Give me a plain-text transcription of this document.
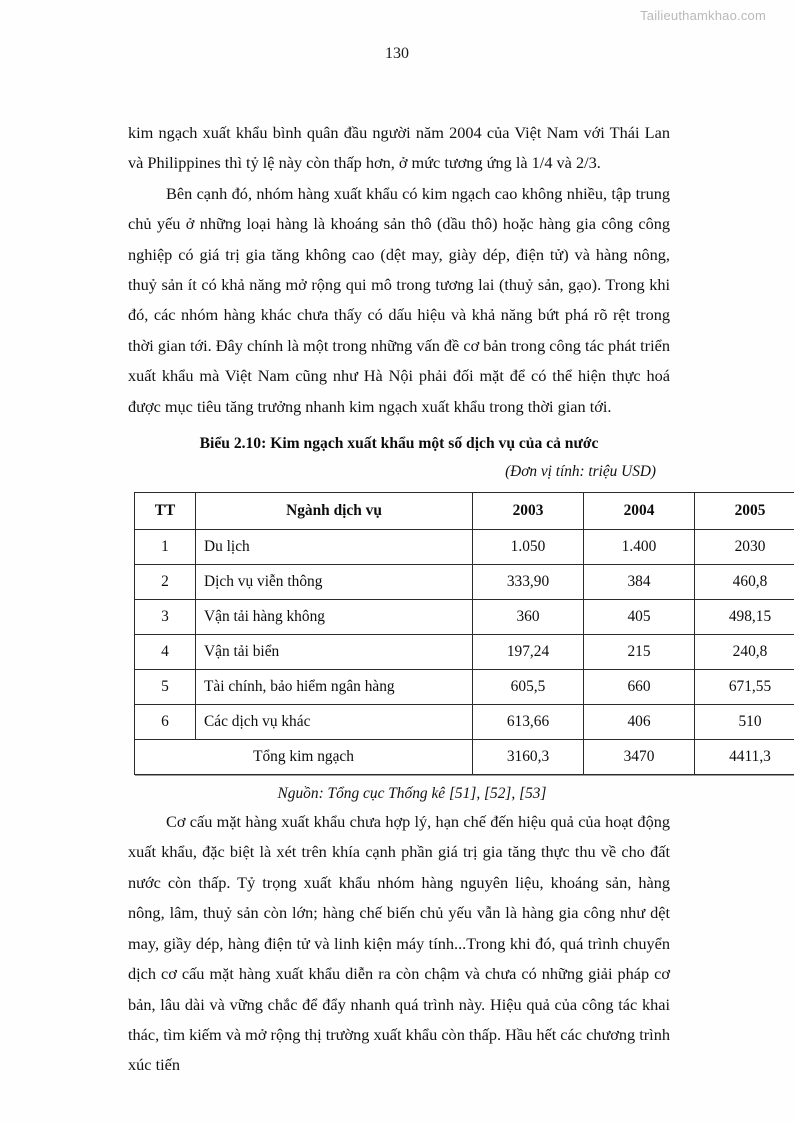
Tailieuthamkhao.com
130

kim ngạch xuất khẩu bình quân đầu người năm 2004 của Việt Nam với Thái Lan và Philippines thì tỷ lệ này còn thấp hơn, ở mức tương ứng là 1/4 và 2/3.

Bên cạnh đó, nhóm hàng xuất khẩu có kim ngạch cao không nhiều, tập trung chủ yếu ở những loại hàng là khoáng sản thô (dầu thô) hoặc hàng gia công công nghiệp có giá trị gia tăng không cao (dệt may, giày dép, điện tử) và hàng nông, thuỷ sản ít có khả năng mở rộng qui mô trong tương lai (thuỷ sản, gạo). Trong khi đó, các nhóm hàng khác chưa thấy có dấu hiệu và khả năng bứt phá rõ rệt trong thời gian tới. Đây chính là một trong những vấn đề cơ bản trong công tác phát triển xuất khẩu mà Việt Nam cũng như Hà Nội phải đối mặt để có thể hiện thực hoá được mục tiêu tăng trưởng nhanh kim ngạch xuất khẩu trong thời gian tới.

Biểu 2.10: Kim ngạch xuất khẩu một số dịch vụ của cả nước

(Đơn vị tính: triệu USD)

TT	Ngành dịch vụ	2003	2004	2005
1	Du lịch	1.050	1.400	2030
2	Dịch vụ viễn thông	333,90	384	460,8
3	Vận tải hàng không	360	405	498,15
4	Vận tải biển	197,24	215	240,8
5	Tài chính, bảo hiểm ngân hàng	605,5	660	671,55
6	Các dịch vụ khác	613,66	406	510
Tổng kim ngạch		3160,3	3470	4411,3

Nguồn: Tổng cục Thống kê [51], [52], [53]

Cơ cấu mặt hàng xuất khẩu chưa hợp lý, hạn chế đến hiệu quả của hoạt động xuất khẩu, đặc biệt là xét trên khía cạnh phần giá trị gia tăng thực thu về cho đất nước còn thấp. Tỷ trọng xuất khẩu nhóm hàng nguyên liệu, khoáng sản, hàng nông, lâm, thuỷ sản còn lớn; hàng chế biến chủ yếu vẫn là hàng gia công như dệt may, giầy dép, hàng điện tử và linh kiện máy tính...Trong khi đó, quá trình chuyển dịch cơ cấu mặt hàng xuất khẩu diễn ra còn chậm và chưa có những giải pháp cơ bản, lâu dài và vững chắc để đẩy nhanh quá trình này. Hiệu quả của công tác khai thác, tìm kiếm và mở rộng thị trường xuất khẩu còn thấp. Hầu hết các chương trình xúc tiến
